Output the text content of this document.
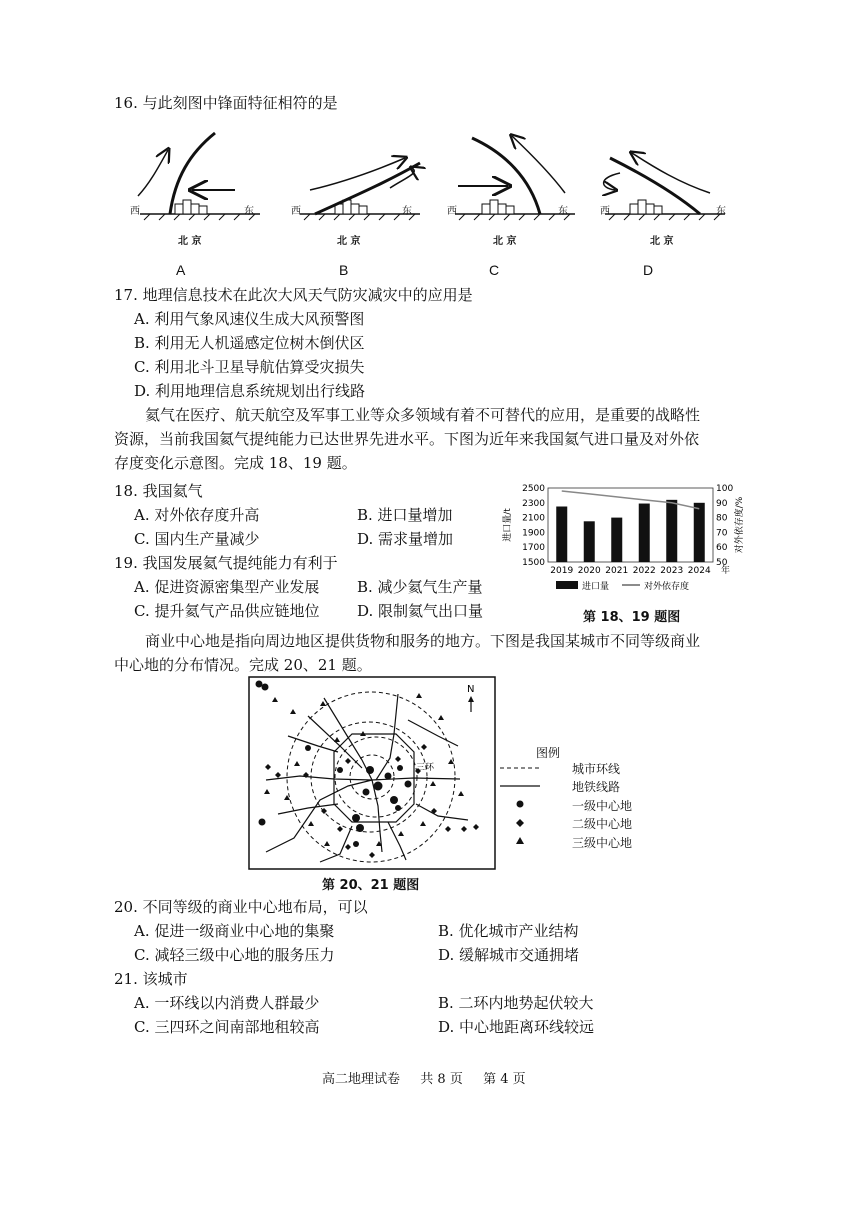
16. 与此刻图中锋面特征相符的是
西	东	西	东	西	东	西	东
北 京	北 京	北 京	北 京
A	B	C	D
17. 地理信息技术在此次大风天气防灾减灾中的应用是
A. 利用气象风速仪生成大风预警图
B. 利用无人机遥感定位树木倒伏区
C. 利用北斗卫星导航估算受灾损失
D. 利用地理信息系统规划出行线路
氦气在医疗、航天航空及军事工业等众多领域有着不可替代的应用，是重要的战略性
资源，当前我国氦气提纯能力已达世界先进水平。下图为近年来我国氦气进口量及对外依
存度变化示意图。完成 18、19 题。
18. 我国氦气
A. 对外依存度升高	B. 进口量增加
C. 国内生产量减少	D. 需求量增加
19. 我国发展氦气提纯能力有利于
A. 促进资源密集型产业发展	B. 减少氦气生产量
C. 提升氦气产品供应链地位	D. 限制氦气出口量
2500
2300
2100
1900
1700
1500
100
90
80
70
60
50
2019 2020 2021 2022 2023 2024 年
进口量/t	对外依存度/%
进口量	对外依存度
第 18、19 题图
商业中心地是指向周边地区提供货物和服务的地方。下图是我国某城市不同等级商业
中心地的分布情况。完成 20、21 题。
N
三环
图例
城市环线
地铁线路
一级中心地
二级中心地
三级中心地
第 20、21 题图
20. 不同等级的商业中心地布局，可以
A. 促进一级商业中心地的集聚	B. 优化城市产业结构
C. 减轻三级中心地的服务压力	D. 缓解城市交通拥堵
21. 该城市
A. 一环线以内消费人群最少	B. 二环内地势起伏较大
C. 三四环之间南部地租较高	D. 中心地距离环线较远
高二地理试卷 共 8 页 第 4 页
